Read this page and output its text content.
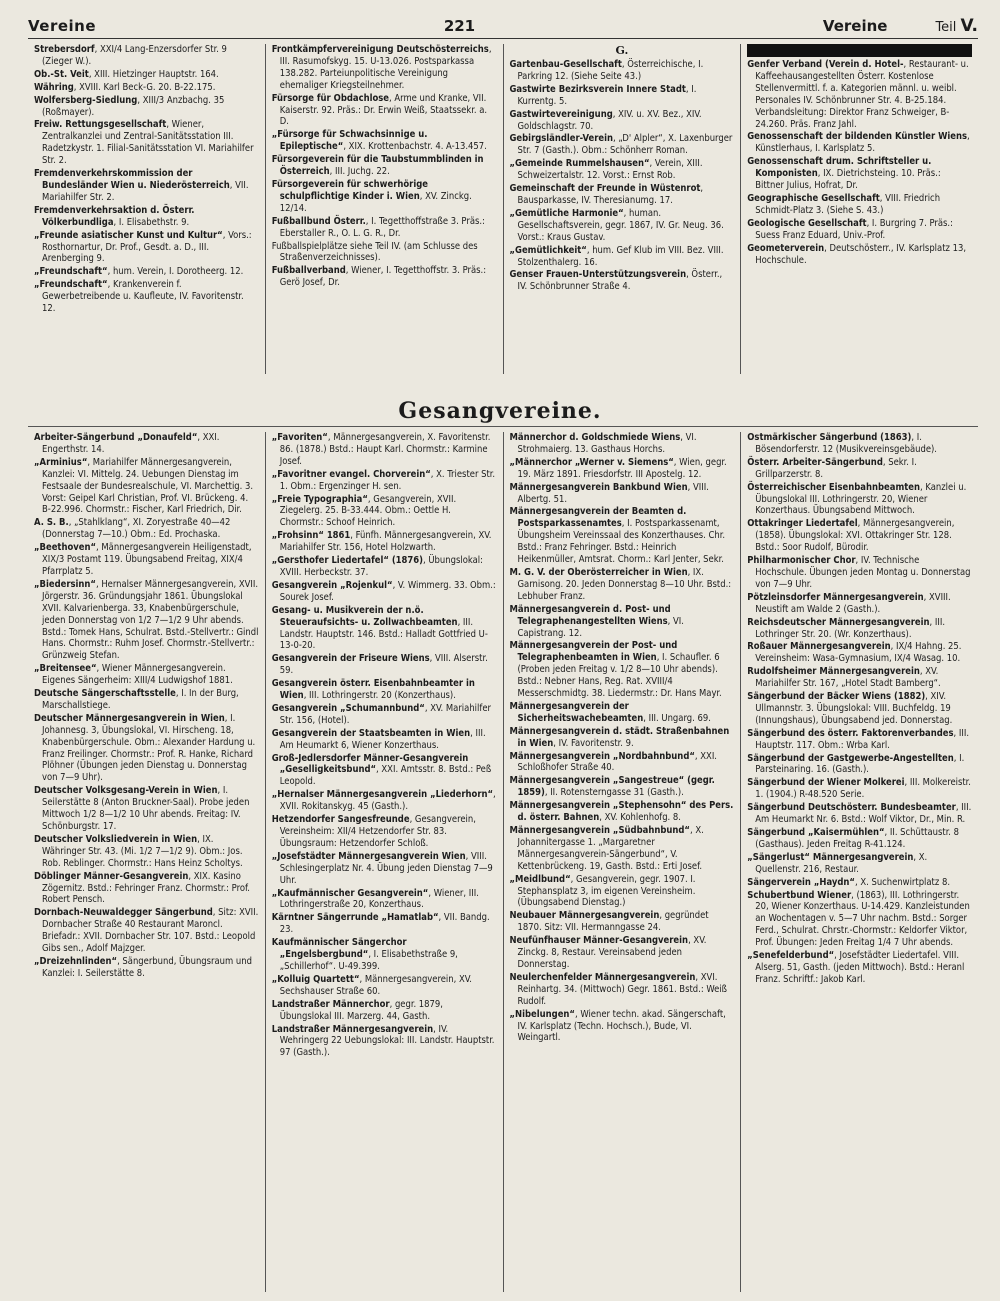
Vereine	221	Vereine	Teil V.
Strebersdorf, XXI/4 Lang-Enzersdorfer Str. 9 (Zieger W.).
Ob.-St. Veit, XIII. Hietzinger Hauptstr. 164.
Währing, XVIII. Karl Beck-G. 20. B-22.175.
Wolfersberg-Siedlung, XIII/3 Anzbachg. 35 (Roßmayer).
Freiw. Rettungsgesellschaft, Wiener, Zentralkanzlei und Zentral-Sanitätsstation III. Radetzkystr. 1. Filial-Sanitätsstation VI. Mariahilfer Str. 2.
Fremdenverkehrskommission der Bundesländer Wien u. Niederösterreich, VII. Mariahilfer Str. 2.
Fremdenverkehrsaktion d. Österr. Völkerbundliga, I. Elisabethstr. 9.
„Freunde asiatischer Kunst und Kultur“, Vors.: Rosthornartur, Dr. Prof., Gesdt. a. D., III. Arenberging 9.
„Freundschaft“, hum. Verein, I. Dorotheerg. 12.
„Freundschaft“, Krankenverein f. Gewerbetreibende u. Kaufleute, IV. Favoritenstr. 12.
Frontkämpfervereinigung Deutschösterreichs, III. Rasumofskyg. 15. U-13.026. Postsparkassa 138.282. Parteiunpolitische Vereinigung ehemaliger Kriegsteilnehmer.
Fürsorge für Obdachlose, Arme und Kranke, VII. Kaiserstr. 92. Präs.: Dr. Erwin Weiß, Staatssekr. a. D.
„Fürsorge für Schwachsinnige u. Epileptische“, XIX. Krottenbachstr. 4. A-13.457.
Fürsorgeverein für die Taubstummblinden in Österreich, III. Juchg. 22.
Fürsorgeverein für schwerhörige schulpflichtige Kinder i. Wien, XV. Zinckg. 12/14.
Fußballbund Österr., I. Tegetthoffstraße 3. Präs.: Eberstaller R., O. L. G. R., Dr.
Fußballspielplätze siehe Teil IV. (am Schlusse des Straßenverzeichnisses).
Fußballverband, Wiener, I. Tegetthoffstr. 3. Präs.: Gerö Josef, Dr.
G.
Gartenbau-Gesellschaft, Österreichische, I. Parkring 12. (Siehe Seite 43.)
Gastwirte Bezirksverein Innere Stadt, I. Kurrentg. 5.
Gastwirtevereinigung, XIV. u. XV. Bez., XIV. Goldschlagstr. 70.
Gebirgsländler-Verein, „D' Alpler“, X. Laxenburger Str. 7 (Gasth.). Obm.: Schönherr Roman.
„Gemeinde Rummelshausen“, Verein, XIII. Schweizertalstr. 12. Vorst.: Ernst Rob.
Gemeinschaft der Freunde in Wüstenrot, Bausparkasse, IV. Theresianumg. 17.
„Gemütliche Harmonie“, human. Gesellschaftsverein, gegr. 1867, IV. Gr. Neug. 36. Vorst.: Kraus Gustav.
„Gemütlichkeit“, hum. Gef Klub im VIII. Bez. VIII. Stolzenthalerg. 16.
Genser Frauen-Unterstützungsverein, Österr., IV. Schönbrunner Straße 4.
Genfer Verband (Verein d. Hotel-, Restaurant- u. Kaffeehausangestellten Österr. Kostenlose Stellenvermittl. f. a. Kategorien männl. u. weibl. Personales IV. Schönbrunner Str. 4. B-25.184. Verbandsleitung: Direktor Franz Schweiger, B-24.260. Präs. Franz Jahl.
Genossenschaft der bildenden Künstler Wiens, Künstlerhaus, I. Karlsplatz 5.
Genossenschaft drum. Schriftsteller u. Komponisten, IX. Dietrichsteing. 10. Präs.: Bittner Julius, Hofrat, Dr.
Geographische Gesellschaft, VIII. Friedrich Schmidt-Platz 3. (Siehe S. 43.)
Geologische Gesellschaft, I. Burgring 7. Präs.: Suess Franz Eduard, Univ.-Prof.
Geometerverein, Deutschösterr., IV. Karlsplatz 13, Hochschule.
Gesangvereine.
Arbeiter-Sängerbund „Donaufeld“, XXI. Engerthstr. 14.
„Arminius“, Mariahilfer Männergesangverein, Kanzlei: VI. Mittelg. 24. Uebungen Dienstag im Festsaale der Bundesrealschule, VI. Marchettig. 3. Vorst: Geipel Karl Christian, Prof. VI. Brückeng. 4. B-22.996. Chormstr.: Fischer, Karl Friedrich, Dir.
A. S. B., „Stahlklang“, XI. Zoryestraße 40—42 (Donnerstag 7—10.) Obm.: Ed. Prochaska.
„Beethoven“, Männergesangverein Heiligenstadt, XIX/3 Postamt 119. Übungsabend Freitag, XIX/4 Pfarrplatz 5.
„Biedersinn“, Hernalser Männergesangverein, XVII. Jörgerstr. 36. Gründungsjahr 1861. Übungslokal XVII. Kalvarienberga. 33, Knabenbürgerschule, jeden Donnerstag von 1/2 7—1/2 9 Uhr abends. Bstd.: Tomek Hans, Schulrat. Bstd.-Stellvertr.: Gindl Hans. Chormstr.: Ruhm Josef. Chormstr.-Stellvertr.: Grünzweig Stefan.
„Breitensee“, Wiener Männergesangverein. Eigenes Sängerheim: XIII/4 Ludwigshof 1881.
Deutsche Sängerschaftsstelle, I. In der Burg, Marschallstiege.
Deutscher Männergesangverein in Wien, I. Johannesg. 3, Übungslokal, VI. Hirscheng. 18, Knabenbürgerschule. Obm.: Alexander Hardung u. Franz Freilinger. Chormstr.: Prof. R. Hanke, Richard Plöhner (Übungen jeden Dienstag u. Donnerstag von 7—9 Uhr).
Deutscher Volksgesang-Verein in Wien, I. Seilerstätte 8 (Anton Bruckner-Saal). Probe jeden Mittwoch 1/2 8—1/2 10 Uhr abends. Freitag: IV. Schönburgstr. 17.
Deutscher Volksliedverein in Wien, IX. Währinger Str. 43. (Mi. 1/2 7—1/2 9). Obm.: Jos. Rob. Reblinger. Chormstr.: Hans Heinz Scholtys.
Döblinger Männer-Gesangverein, XIX. Kasino Zögernitz. Bstd.: Fehringer Franz. Chormstr.: Prof. Robert Pensch.
Dornbach-Neuwaldegger Sängerbund, Sitz: XVII. Dornbacher Straße 40 Restaurant Maroncl. Briefadr.: XVII. Dornbacher Str. 107. Bstd.: Leopold Gibs sen., Adolf Majzger.
„Dreizehnlinden“, Sängerbund, Übungsraum und Kanzlei: I. Seilerstätte 8.
„Favoriten“, Männergesangverein, X. Favoritenstr. 86. (1878.) Bstd.: Haupt Karl. Chormstr.: Karmine Josef.
„Favoritner evangel. Chorverein“, X. Triester Str. 1. Obm.: Ergenzinger H. sen.
„Freie Typographia“, Gesangverein, XVII. Ziegelerg. 25. B-33.444. Obm.: Oettle H. Chormstr.: Schoof Heinrich.
„Frohsinn“ 1861, Fünfh. Männergesangverein, XV. Mariahilfer Str. 156, Hotel Holzwarth.
„Gersthofer Liedertafel“ (1876), Übungslokal: XVIII. Herbeckstr. 37.
Gesangverein „Rojenkul“, V. Wimmerg. 33. Obm.: Sourek Josef.
Gesang- u. Musikverein der n.ö. Steueraufsichts- u. Zollwachbeamten, III. Landstr. Hauptstr. 146. Bstd.: Halladt Gottfried U-13-0-20.
Gesangverein der Friseure Wiens, VIII. Alserstr. 59.
Gesangverein österr. Eisenbahnbeamter in Wien, III. Lothringerstr. 20 (Konzerthaus).
Gesangverein „Schumannbund“, XV. Mariahilfer Str. 156, (Hotel).
Gesangverein der Staatsbeamten in Wien, III. Am Heumarkt 6, Wiener Konzerthaus.
Groß-Jedlersdorfer Männer-Gesangverein „Geselligkeitsbund“, XXI. Amtsstr. 8. Bstd.: Peß Leopold.
„Hernalser Männergesangverein „Liederhorn“, XVII. Rokitanskyg. 45 (Gasth.).
Hetzendorfer Sangesfreunde, Gesangverein, Vereinsheim: XII/4 Hetzendorfer Str. 83. Übungsraum: Hetzendorfer Schloß.
„Josefstädter Männergesangverein Wien, VIII. Schlesingerplatz Nr. 4. Übung jeden Dienstag 7—9 Uhr.
„Kaufmännischer Gesangverein“, Wiener, III. Lothringerstraße 20, Konzerthaus.
Kärntner Sängerrunde „Hamatlab“, VII. Bandg. 23.
Kaufmännischer Sängerchor „Engelsbergbund“, I. Elisabethstraße 9, „Schillerhof“. U-49.399.
„Kolluig Quartett“, Männergesangverein, XV. Sechshauser Straße 60.
Landstraßer Männerchor, gegr. 1879, Übungslokal III. Marzerg. 44, Gasth.
Landstraßer Männergesangverein, IV. Wehringerg 22 Uebungslokal: III. Landstr. Hauptstr. 97 (Gasth.).
Männerchor d. Goldschmiede Wiens, VI. Strohmaierg. 13. Gasthaus Horchs.
„Männerchor „Werner v. Siemens“, Wien, gegr. 19. März 1891. Friesdorfstr. III Apostelg. 12.
Männergesangverein Bankbund Wien, VIII. Albertg. 51.
Männergesangverein der Beamten d. Postsparkassenamtes, I. Postsparkassenamt, Übungsheim Vereinssaal des Konzerthauses. Chr. Bstd.: Franz Fehringer. Bstd.: Heinrich Heikenmüller, Amtsrat. Chorm.: Karl Jenter, Sekr.
M. G. V. der Oberösterreicher in Wien, IX. Garnisong. 20. Jeden Donnerstag 8—10 Uhr. Bstd.: Lebhuber Franz.
Männergesangverein d. Post- und Telegraphenangestellten Wiens, VI. Capistrang. 12.
Männergesangverein der Post- und Telegraphenbeamten in Wien, I. Schaufler. 6 (Proben jeden Freitag v. 1/2 8—10 Uhr abends). Bstd.: Nebner Hans, Reg. Rat. XVIII/4 Messerschmidtg. 38. Liedermstr.: Dr. Hans Mayr.
Männergesangverein der Sicherheitswachebeamten, III. Ungarg. 69.
Männergesangverein d. städt. Straßenbahnen in Wien, IV. Favoritenstr. 9.
Männergesangverein „Nordbahnbund“, XXI. Schloßhofer Straße 40.
Männergesangverein „Sangestreue“ (gegr. 1859), II. Rotensterngasse 31 (Gasth.).
Männergesangverein „Stephensohn“ des Pers. d. österr. Bahnen, XV. Kohlenhofg. 8.
Männergesangverein „Südbahnbund“, X. Johannitergasse 1. „Margaretner Männergesangverein-Sängerbund“, V. Kettenbrückeng. 19, Gasth. Bstd.: Erti Josef.
„Meidlbund“, Gesangverein, gegr. 1907. I. Stephansplatz 3, im eigenen Vereinsheim. (Übungsabend Dienstag.)
Neubauer Männergesangverein, gegründet 1870. Sitz: VII. Hermanngasse 24.
Neufünfhauser Männer-Gesangverein, XV. Zinckg. 8, Restaur. Vereinsabend jeden Donnerstag.
Neulerchenfelder Männergesangverein, XVI. Reinhartg. 34. (Mittwoch) Gegr. 1861. Bstd.: Weiß Rudolf.
„Nibelungen“, Wiener techn. akad. Sängerschaft, IV. Karlsplatz (Techn. Hochsch.), Bude, VI. Weingartl.
Ostmärkischer Sängerbund (1863), I. Bösendorferstr. 12 (Musikvereinsgebäude).
Österr. Arbeiter-Sängerbund, Sekr. I. Grillparzerstr. 8.
Österreichischer Eisenbahnbeamten, Kanzlei u. Übungslokal III. Lothringerstr. 20, Wiener Konzerthaus. Übungsabend Mittwoch.
Ottakringer Liedertafel, Männergesangverein, (1858). Übungslokal: XVI. Ottakringer Str. 128. Bstd.: Soor Rudolf, Bürodir.
Philharmonischer Chor, IV. Technische Hochschule. Übungen jeden Montag u. Donnerstag von 7—9 Uhr.
Pötzleinsdorfer Männergesangverein, XVIII. Neustift am Walde 2 (Gasth.).
Reichsdeutscher Männergesangverein, III. Lothringer Str. 20. (Wr. Konzerthaus).
Roßauer Männergesangverein, IX/4 Hahng. 25. Vereinsheim: Wasa-Gymnasium, IX/4 Wasag. 10.
Rudolfsheimer Männergesangverein, XV. Mariahilfer Str. 167, „Hotel Stadt Bamberg“.
Sängerbund der Bäcker Wiens (1882), XIV. Ullmannstr. 3. Übungslokal: VIII. Buchfeldg. 19 (Innungshaus), Übungsabend jed. Donnerstag.
Sängerbund des österr. Faktorenverbandes, III. Hauptstr. 117. Obm.: Wrba Karl.
Sängerbund der Gastgewerbe-Angestellten, I. Parsteinaring. 16. (Gasth.).
Sängerbund der Wiener Molkerei, III. Molkereistr. 1. (1904.) R-48.520 Serie.
Sängerbund Deutschösterr. Bundesbeamter, III. Am Heumarkt Nr. 6. Bstd.: Wolf Viktor, Dr., Min. R.
Sängerbund „Kaisermühlen“, II. Schüttaustr. 8 (Gasthaus). Jeden Freitag R-41.124.
„Sängerlust“ Männergesangverein, X. Quellenstr. 216, Restaur.
Sängerverein „Haydn“, X. Suchenwirtplatz 8.
Schubertbund Wiener, (1863), III. Lothringerstr. 20, Wiener Konzerthaus. U-14.429. Kanzleistunden an Wochentagen v. 5—7 Uhr nachm. Bstd.: Sorger Ferd., Schulrat. Chrstr.-Chormstr.: Keldorfer Viktor, Prof. Übungen: Jeden Freitag 1/4 7 Uhr abends.
„Senefelderbund“, Josefstädter Liedertafel. VIII. Alserg. 51, Gasth. (jeden Mittwoch). Bstd.: Heranl Franz. Schriftf.: Jakob Karl.
